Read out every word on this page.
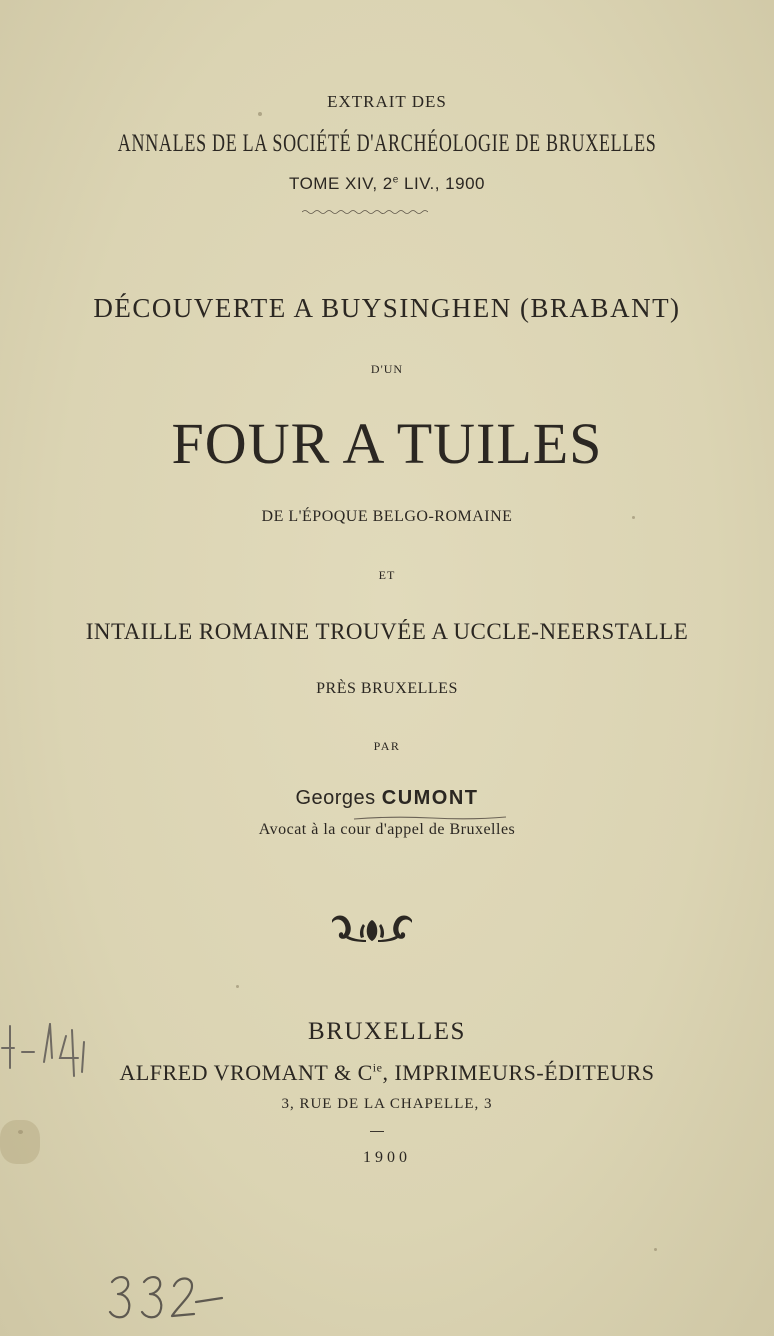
EXTRAIT DES
ANNALES DE LA SOCIÉTÉ D'ARCHÉOLOGIE DE BRUXELLES
TOME XIV, 2e LIV., 1900
DÉCOUVERTE A BUYSINGHEN (BRABANT)
D'UN
FOUR A TUILES
DE L'ÉPOQUE BELGO-ROMAINE
ET
INTAILLE ROMAINE TROUVÉE A UCCLE-NEERSTALLE
PRÈS BRUXELLES
PAR
Georges CUMONT
Avocat à la cour d'appel de Bruxelles
BRUXELLES
ALFRED VROMANT & $C^{ie}$, IMPRIMEURS-ÉDITEURS
3, RUE DE LA CHAPELLE, 3
1900
